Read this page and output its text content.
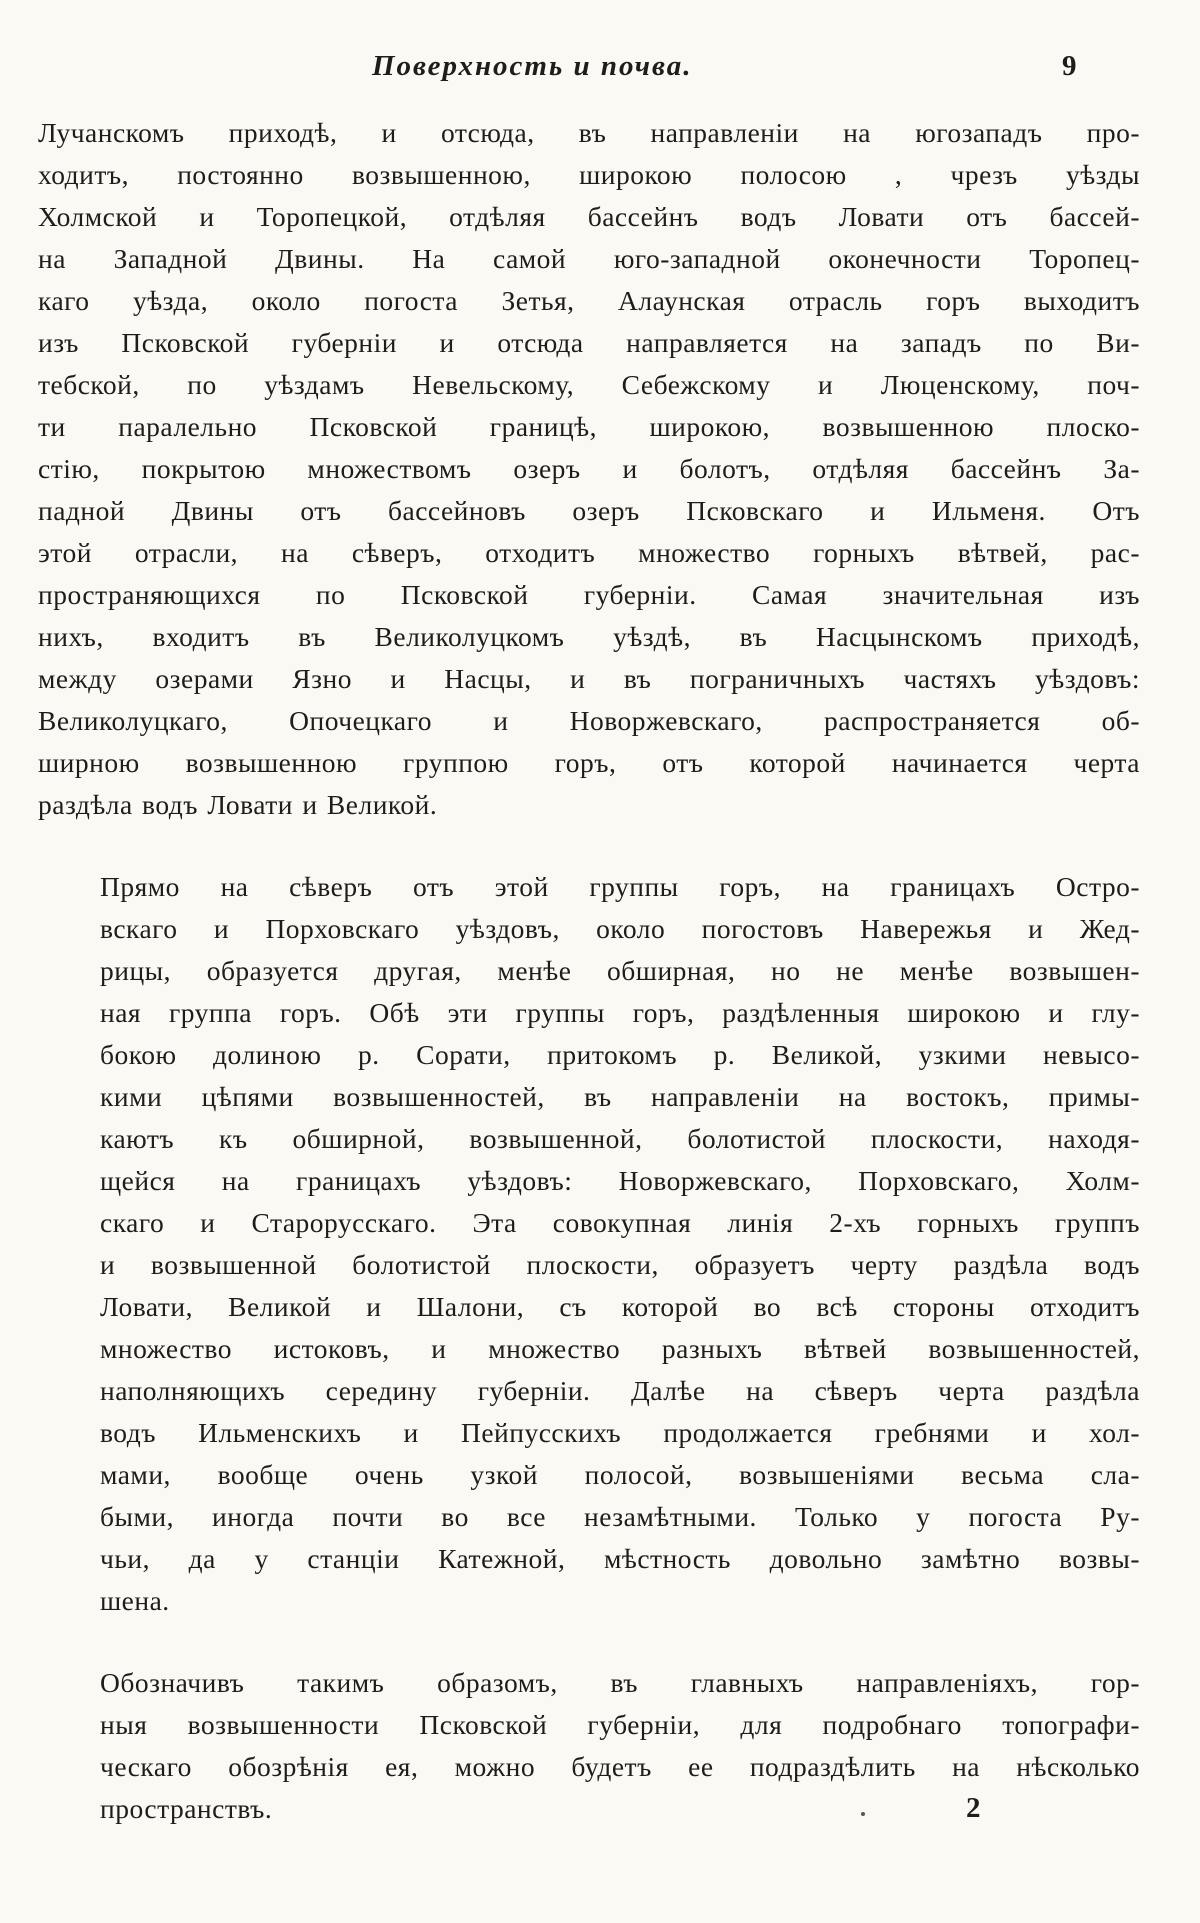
Поверхность и почва.	9

Лучанскомъ приходѣ, и отсюда, въ направленіи на югозападъ про-
ходитъ, постоянно возвышенною, широкою полосою , чрезъ уѣзды
Холмской и Торопецкой, отдѣляя бассейнъ водъ Ловати отъ бассей-
на Западной Двины. На самой юго-западной оконечности Торопец-
каго уѣзда, около погоста Зетья, Алаунская отрасль горъ выходитъ
изъ Псковской губерніи и отсюда направляется на западъ по Ви-
тебской, по уѣздамъ Невельскому, Себежскому и Люценскому, поч-
ти паралельно Псковской границѣ, широкою, возвышенною плоско-
стію, покрытою множествомъ озеръ и болотъ, отдѣляя бассейнъ За-
падной Двины отъ бассейновъ озеръ Псковскаго и Ильменя. Отъ
этой отрасли, на сѣверъ, отходитъ множество горныхъ вѣтвей, рас-
пространяющихся по Псковской губерніи. Самая значительная изъ
нихъ, входитъ въ Великолуцкомъ уѣздѣ, въ Насцынскомъ приходѣ,
между озерами Язно и Насцы, и въ пограничныхъ частяхъ уѣздовъ:
Великолуцкаго, Опочецкаго и Новоржевскаго, распространяется об-
ширною возвышенною группою горъ, отъ которой начинается черта
раздѣла водъ Ловати и Великой.

Прямо на сѣверъ отъ этой группы горъ, на границахъ Остро-
вскаго и Порховскаго уѣздовъ, около погостовъ Навережья и Жед-
рицы, образуется другая, менѣе обширная, но не менѣе возвышен-
ная группа горъ. Обѣ эти группы горъ, раздѣленныя широкою и глу-
бокою долиною р. Сорати, притокомъ р. Великой, узкими невысо-
кими цѣпями возвышенностей, въ направленіи на востокъ, примы-
каютъ къ обширной, возвышенной, болотистой плоскости, находя-
щейся на границахъ уѣздовъ: Новоржевскаго, Порховскаго, Холм-
скаго и Старорусскаго. Эта совокупная линія 2-хъ горныхъ группъ
и возвышенной болотистой плоскости, образуетъ черту раздѣла водъ
Ловати, Великой и Шалони, съ которой во всѣ стороны отходитъ
множество истоковъ, и множество разныхъ вѣтвей возвышенностей,
наполняющихъ середину губерніи. Далѣе на сѣверъ черта раздѣла
водъ Ильменскихъ и Пейпусскихъ продолжается гребнями и хол-
мами, вообще очень узкой полосой, возвышеніями весьма сла-
быми, иногда почти во все незамѣтными. Только у погоста Ру-
чьи, да у станціи Катежной, мѣстность довольно замѣтно возвы-
шена.

Обозначивъ такимъ образомъ, въ главныхъ направленіяхъ, гор-
ныя возвышенности Псковской губерніи, для подробнаго топографи-
ческаго обозрѣнія ея, можно будетъ ее подраздѣлить на нѣсколько
пространствъ.	2
